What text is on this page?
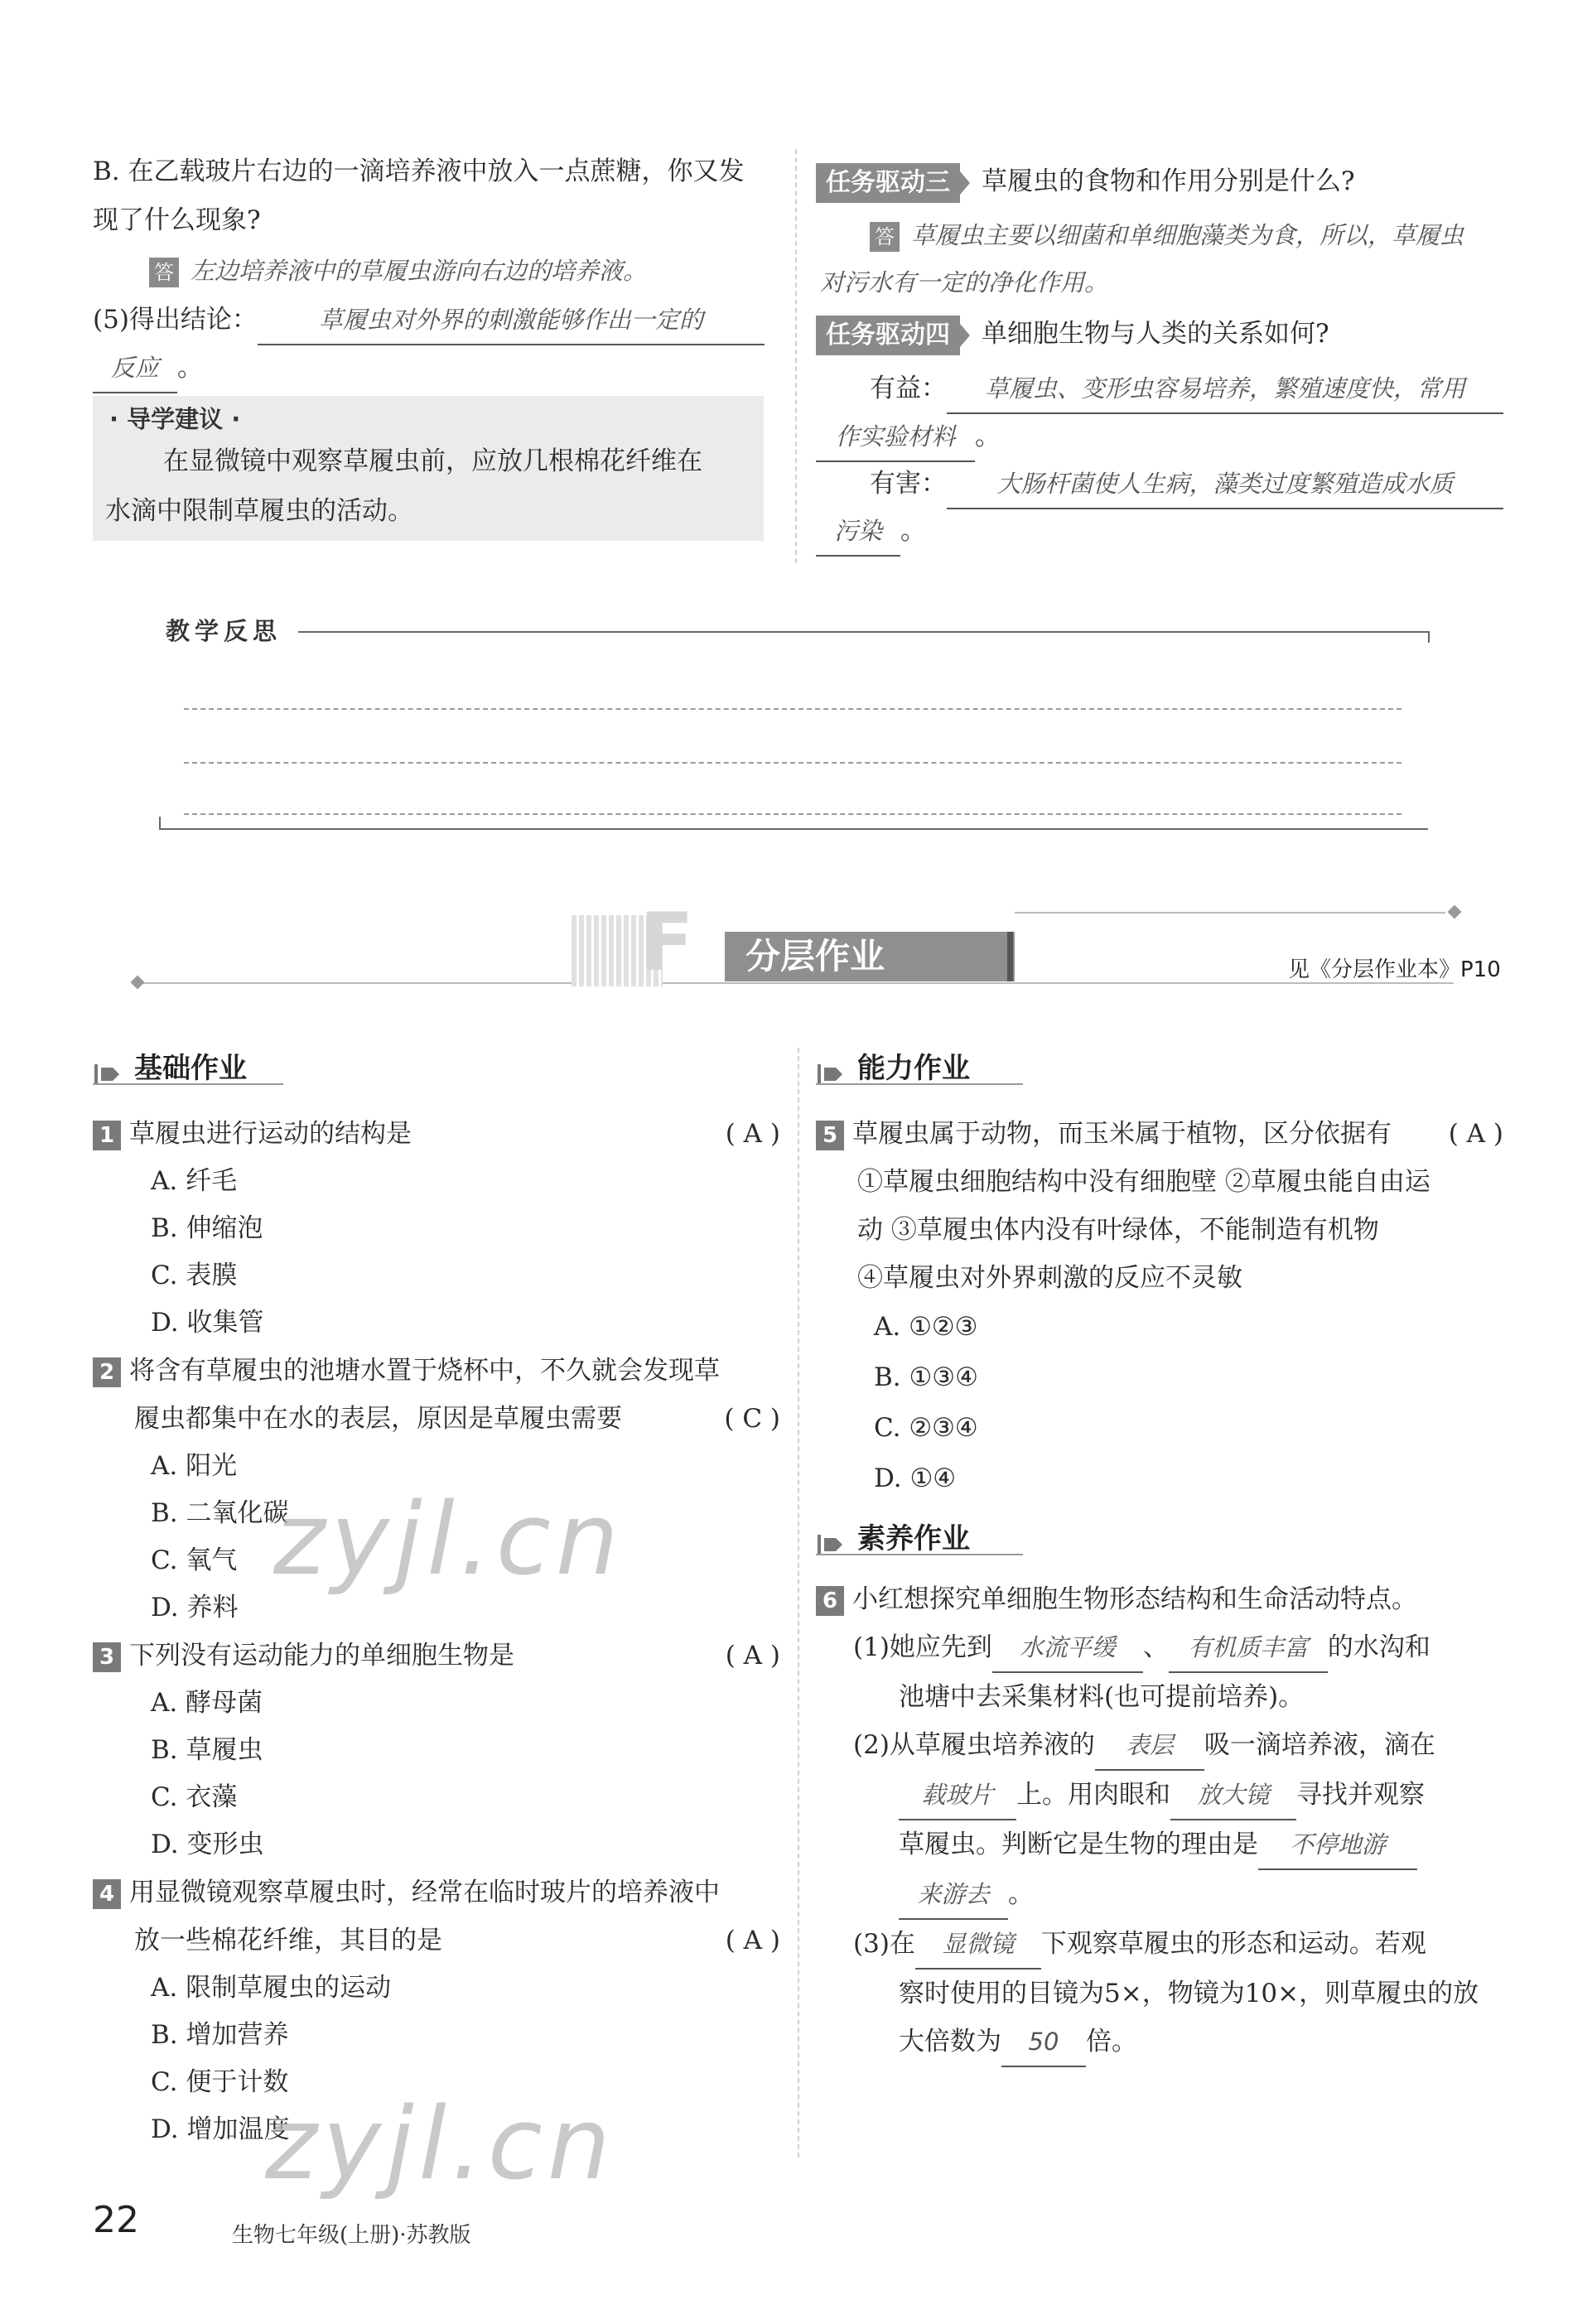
B. 在乙载玻片右边的一滴培养液中放入一点蔗糖，你又发
现了什么现象?
答 左边培养液中的草履虫游向右边的培养液。
(5)得出结论：	草履虫对外界的刺激能够作出一定的
反应 。
· 导学建议 ·
在显微镜中观察草履虫前，应放几根棉花纤维在
水滴中限制草履虫的活动。
任务驱动三 草履虫的食物和作用分别是什么?
答 草履虫主要以细菌和单细胞藻类为食，所以，草履虫
对污水有一定的净化作用。
任务驱动四 单细胞生物与人类的关系如何?
有益： 草履虫、变形虫容易培养，繁殖速度快，常用
作实验材料 。
有害： 大肠杆菌使人生病，藻类过度繁殖造成水质
污染 。
教学反思
F	分层作业	见《分层作业本》P10
基础作业
1 草履虫进行运动的结构是	( A )
A. 纤毛
B. 伸缩泡
C. 表膜
D. 收集管
2 将含有草履虫的池塘水置于烧杯中，不久就会发现草
履虫都集中在水的表层，原因是草履虫需要	( C )
A. 阳光
B. 二氧化碳
C. 氧气
D. 养料
3 下列没有运动能力的单细胞生物是	( A )
A. 酵母菌
B. 草履虫
C. 衣藻
D. 变形虫
4 用显微镜观察草履虫时，经常在临时玻片的培养液中
放一些棉花纤维，其目的是	( A )
A. 限制草履虫的运动
B. 增加营养
C. 便于计数
D. 增加温度
能力作业
5 草履虫属于动物，而玉米属于植物，区分依据有 ( A )
①草履虫细胞结构中没有细胞壁 ②草履虫能自由运
动 ③草履虫体内没有叶绿体，不能制造有机物
④草履虫对外界刺激的反应不灵敏
A. ①②③
B. ①③④
C. ②③④
D. ①④
素养作业
6 小红想探究单细胞生物形态结构和生命活动特点。
(1)她应先到 水流平缓 、 有机质丰富 的水沟和
池塘中去采集材料(也可提前培养)。
(2)从草履虫培养液的 表层 吸一滴培养液，滴在
载玻片 上。用肉眼和 放大镜 寻找并观察
草履虫。判断它是生物的理由是 不停地游
来游去 。
(3)在 显微镜 下观察草履虫的形态和运动。若观
察时使用的目镜为5×，物镜为10×，则草履虫的放
大倍数为 50 倍。
zyjl.cn
zyjl.cn
22	生物七年级(上册)·苏教版
